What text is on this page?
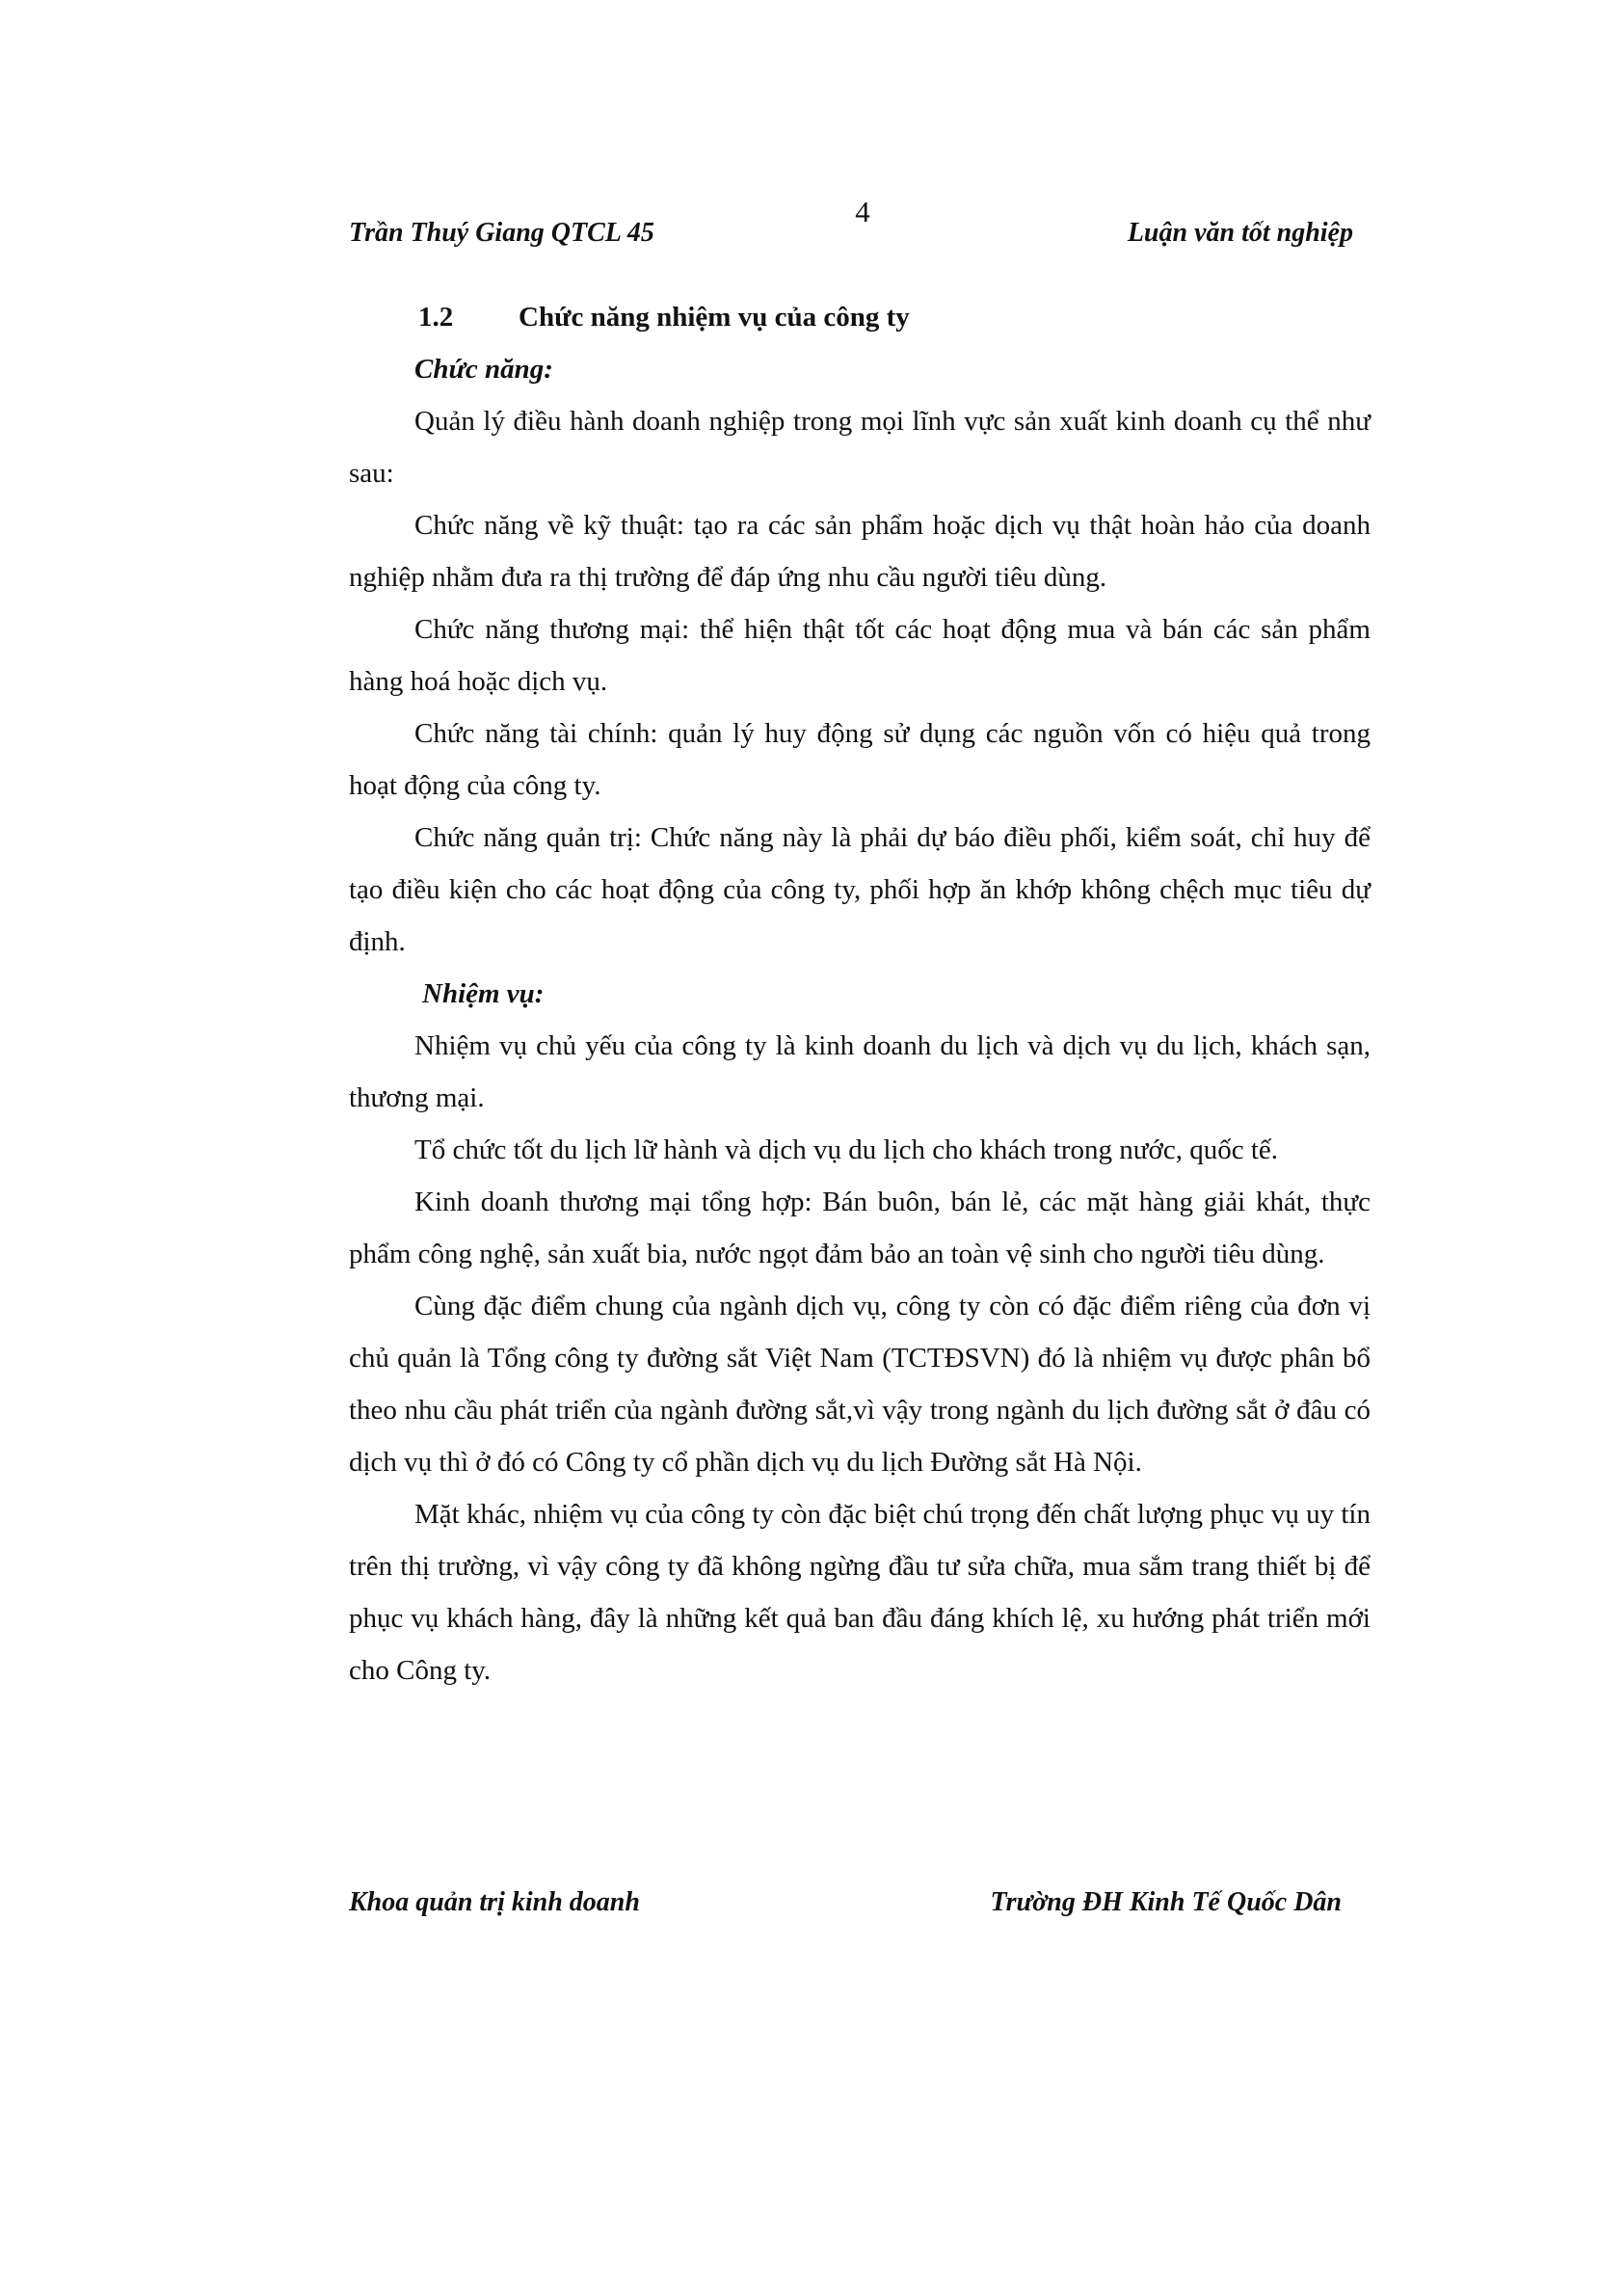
4
Trần Thuý Giang QTCL 45	Luận văn tốt nghiệp
1.2 Chức năng nhiệm vụ của công ty
Chức năng:

Quản lý điều hành doanh nghiệp trong mọi lĩnh vực sản xuất kinh doanh cụ thể như sau:

Chức năng về kỹ thuật: tạo ra các sản phẩm hoặc dịch vụ thật hoàn hảo của doanh nghiệp nhằm đưa ra thị trường để đáp ứng nhu cầu người tiêu dùng.

Chức năng thương mại: thể hiện thật tốt các hoạt động mua và bán các sản phẩm hàng hoá hoặc dịch vụ.

Chức năng tài chính: quản lý huy động sử dụng các nguồn vốn có hiệu quả trong hoạt động của công ty.

Chức năng quản trị: Chức năng này là phải dự báo điều phối, kiểm soát, chỉ huy để tạo điều kiện cho các hoạt động của công ty, phối hợp ăn khớp không chệch mục tiêu dự định.

Nhiệm vụ:

Nhiệm vụ chủ yếu của công ty là kinh doanh du lịch và dịch vụ du lịch, khách sạn, thương mại.

Tổ chức tốt du lịch lữ hành và dịch vụ du lịch cho khách trong nước, quốc tế.

Kinh doanh thương mại tổng hợp: Bán buôn, bán lẻ, các mặt hàng giải khát, thực phẩm công nghệ, sản xuất bia, nước ngọt đảm bảo an toàn vệ sinh cho người tiêu dùng.

Cùng đặc điểm chung của ngành dịch vụ, công ty còn có đặc điểm riêng của đơn vị chủ quản là Tổng công ty đường sắt Việt Nam (TCTĐSVN) đó là nhiệm vụ được phân bổ theo nhu cầu phát triển của ngành đường sắt,vì vậy trong ngành du lịch đường sắt ở đâu có dịch vụ thì ở đó có Công ty cổ phần dịch vụ du lịch Đường sắt Hà Nội.

Mặt khác, nhiệm vụ của công ty còn đặc biệt chú trọng đến chất lượng phục vụ uy tín trên thị trường, vì vậy công ty đã không ngừng đầu tư sửa chữa, mua sắm trang thiết bị để phục vụ khách hàng, đây là những kết quả ban đầu đáng khích lệ, xu hướng phát triển mới cho Công ty.

Khoa quản trị kinh doanh	Trường ĐH Kinh Tế Quốc Dân
